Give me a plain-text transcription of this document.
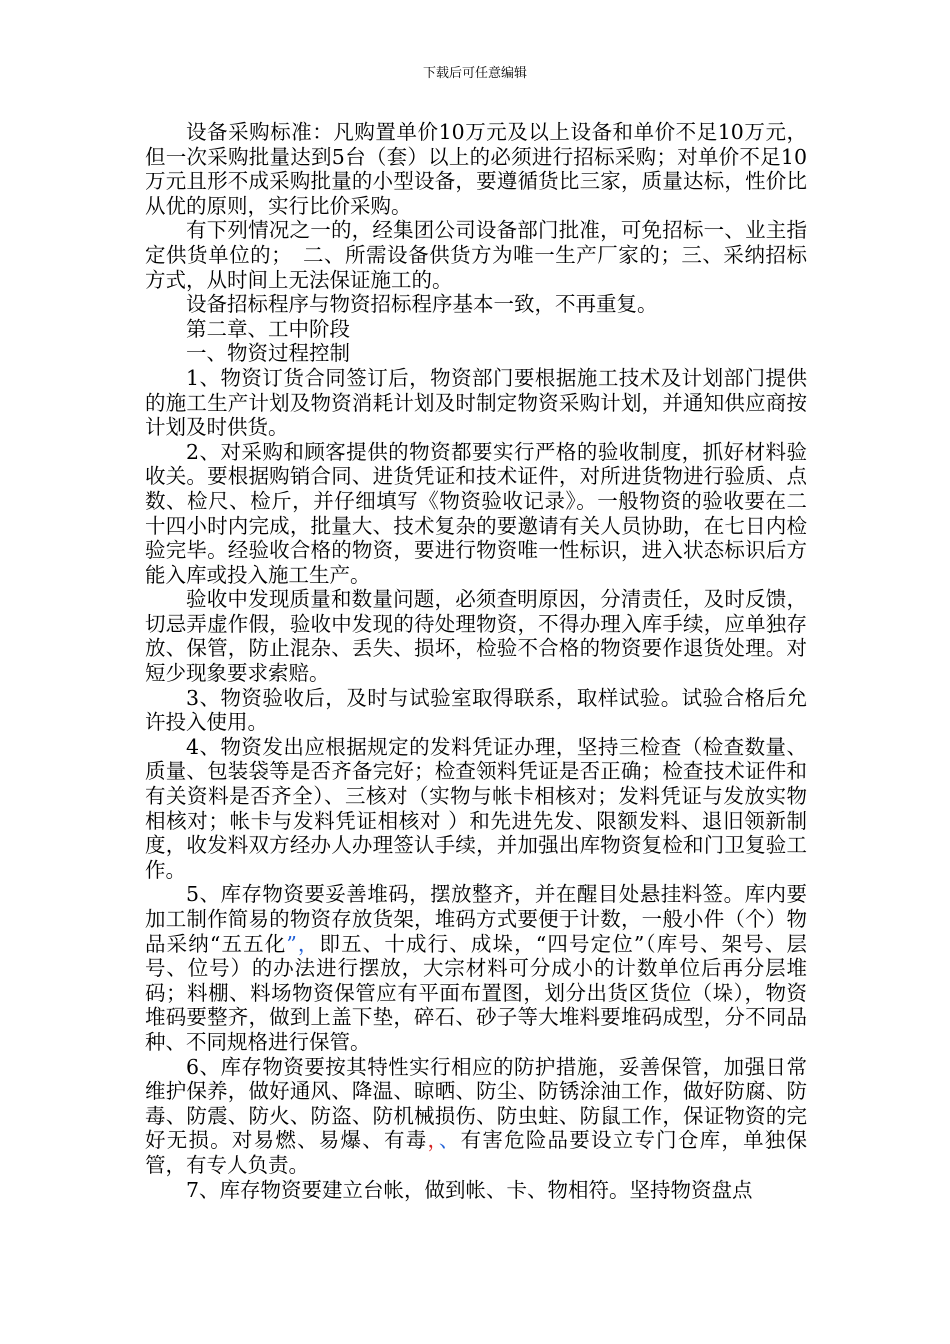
下载后可任意编辑

设备采购标准：凡购置单价10万元及以上设备和单价不足10万元，但一次采购批量达到5台（套）以上的必须进行招标采购；对单价不足10万元且形不成采购批量的小型设备，要遵循货比三家，质量达标，性价比从优的原则，实行比价采购。

有下列情况之一的，经集团公司设备部门批准，可免招标一、业主指定供货单位的；　二、所需设备供货方为唯一生产厂家的；三、采纳招标方式，从时间上无法保证施工的。

设备招标程序与物资招标程序基本一致，不再重复。

第二章、工中阶段

一、物资过程控制

1、物资订货合同签订后，物资部门要根据施工技术及计划部门提供的施工生产计划及物资消耗计划及时制定物资采购计划，并通知供应商按计划及时供货。

2、对采购和顾客提供的物资都要实行严格的验收制度，抓好材料验收关。要根据购销合同、进货凭证和技术证件，对所进货物进行验质、点数、检尺、检斤，并仔细填写《物资验收记录》。一般物资的验收要在二十四小时内完成，批量大、技术复杂的要邀请有关人员协助，在七日内检验完毕。经验收合格的物资，要进行物资唯一性标识，进入状态标识后方能入库或投入施工生产。

验收中发现质量和数量问题，必须查明原因，分清责任，及时反馈，切忌弄虚作假，验收中发现的待处理物资，不得办理入库手续，应单独存放、保管，防止混杂、丢失、损坏，检验不合格的物资要作退货处理。对短少现象要求索赔。

3、物资验收后，及时与试验室取得联系，取样试验。试验合格后允许投入使用。

4、物资发出应根据规定的发料凭证办理，坚持三检查（检查数量、质量、包装袋等是否齐备完好；检查领料凭证是否正确；检查技术证件和有关资料是否齐全）、三核对（实物与帐卡相核对；发料凭证与发放实物相核对；帐卡与发料凭证相核对 ）和先进先发、限额发料、退旧领新制度，收发料双方经办人办理签认手续，并加强出库物资复检和门卫复验工作。

5、库存物资要妥善堆码，摆放整齐，并在醒目处悬挂料签。库内要加工制作简易的物资存放货架，堆码方式要便于计数，一般小件（个）物品采纳“五五化”，即五、十成行、成垛，“四号定位”（库号、架号、层号、位号）的办法进行摆放，大宗材料可分成小的计数单位后再分层堆码；料棚、料场物资保管应有平面布置图，划分出货区货位（垛），物资堆码要整齐，做到上盖下垫，碎石、砂子等大堆料要堆码成型，分不同品种、不同规格进行保管。

6、库存物资要按其特性实行相应的防护措施，妥善保管，加强日常维护保养，做好通风、降温、晾晒、防尘、防锈涂油工作，做好防腐、防毒、防震、防火、防盗、防机械损伤、防虫蛀、防鼠工作，保证物资的完好无损。对易燃、易爆、有毒，、有害危险品要设立专门仓库，单独保管，有专人负责。

7、库存物资要建立台帐，做到帐、卡、物相符。坚持物资盘点
